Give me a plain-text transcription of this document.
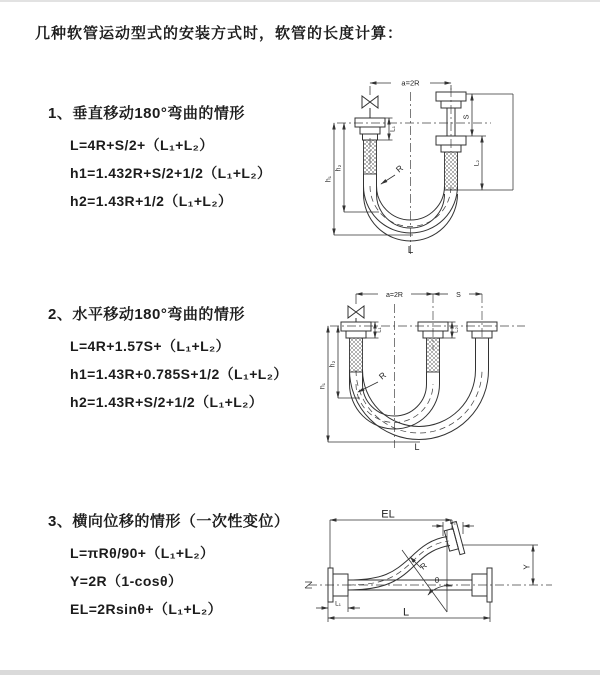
几种软管运动型式的安装方式时，软管的长度计算：
1、垂直移动180°弯曲的情形
L=4R+S/2+（L₁+L₂）
h1=1.432R+S/2+1/2（L₁+L₂）
h2=1.43R+1/2（L₁+L₂）
2、水平移动180°弯曲的情形
L=4R+1.57S+（L₁+L₂）
h1=1.43R+0.785S+1/2（L₁+L₂）
h2=1.43R+S/2+1/2（L₁+L₂）
3、横向位移的情形（一次性变位）
L=πRθ/90+（L₁+L₂）
Y=2R（1-cosθ）
EL=2Rsinθ+（L₁+L₂）
a=2R
S
L₂
L₁
h₂
h₁
R
L
a=2R	S
L₁	L₂
h₂
h₁
R
L
EL
L₂
Y
R
θ
L
L₁
